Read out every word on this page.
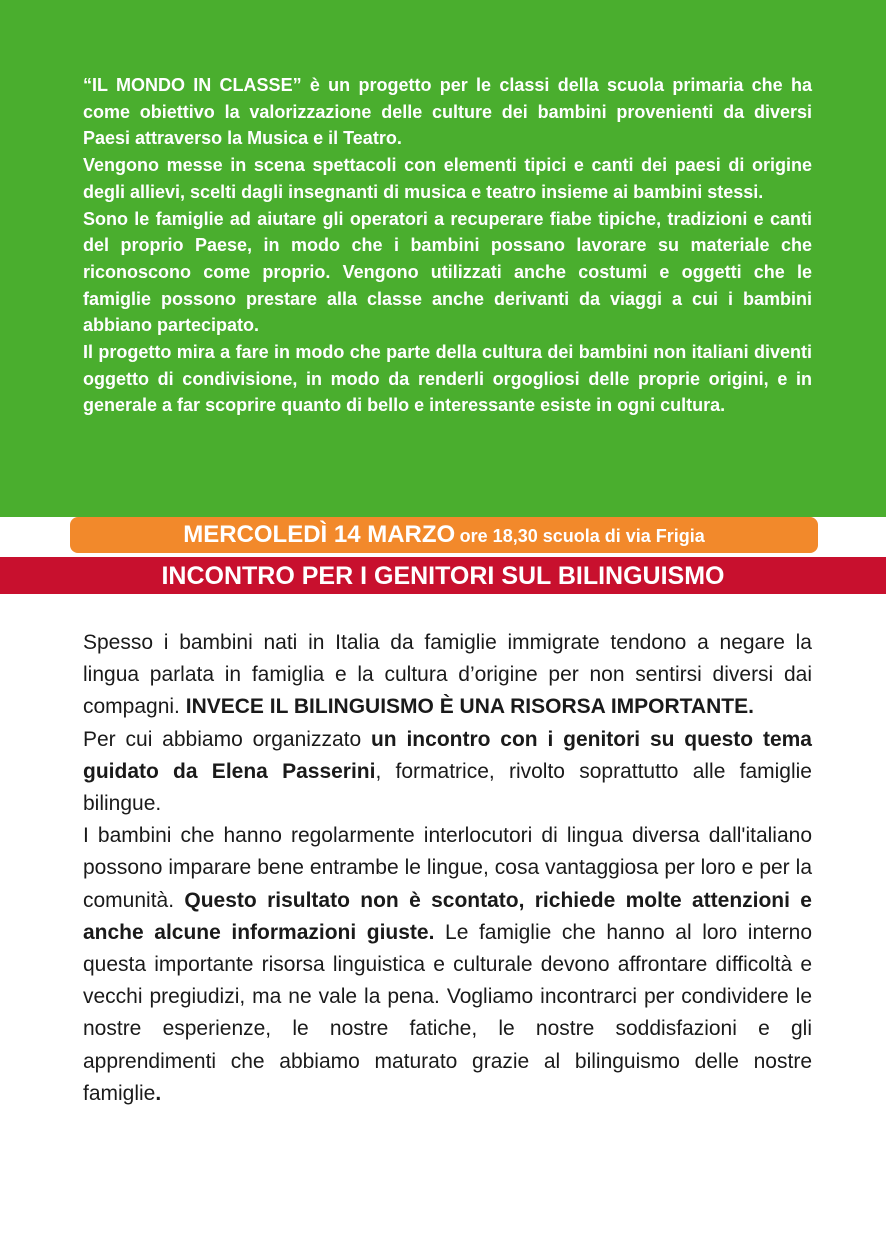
“IL MONDO IN CLASSE” è un progetto per le classi della scuola primaria che ha come obiettivo la valorizzazione delle culture dei bambini provenienti da diversi Paesi attraverso la Musica e il Teatro.

Vengono messe in scena spettacoli con elementi tipici e canti dei paesi di origine degli allievi, scelti dagli insegnanti di musica e teatro insieme ai bambini stessi.

Sono le famiglie ad aiutare gli operatori a recuperare fiabe tipiche, tradizioni e canti del proprio Paese, in modo che i bambini possano lavorare su materiale che riconoscono come proprio. Vengono utilizzati anche costumi e oggetti che le famiglie possono prestare alla classe anche derivanti da viaggi a cui i bambini abbiano partecipato.

Il progetto mira a fare in modo che parte della cultura dei bambini non italiani diventi oggetto di condivisione, in modo da renderli orgogliosi delle proprie origini, e in generale a far scoprire quanto di bello e interessante esiste in ogni cultura.

MERCOLEDÌ 14 MARZO ore 18,30 scuola di via Frigia
INCONTRO PER I GENITORI SUL BILINGUISMO

Spesso i bambini nati in Italia da famiglie immigrate tendono a negare la lingua parlata in famiglia e la cultura d’origine per non sentirsi diversi dai compagni. INVECE IL BILINGUISMO È UNA RISORSA IMPORTANTE.

Per cui abbiamo organizzato un incontro con i genitori su questo tema guidato da Elena Passerini, formatrice, rivolto soprattutto alle famiglie bilingue.

I bambini che hanno regolarmente interlocutori di lingua diversa dall'italiano possono imparare bene entrambe le lingue, cosa vantaggiosa per loro e per la comunità. Questo risultato non è scontato, richiede molte attenzioni e anche alcune informazioni giuste. Le famiglie che hanno al loro interno questa importante risorsa linguistica e culturale devono affrontare difficoltà e vecchi pregiudizi, ma ne vale la pena. Vogliamo incontrarci per condividere le nostre esperienze, le nostre fatiche, le nostre soddisfazioni e gli apprendimenti che abbiamo maturato grazie al bilinguismo delle nostre famiglie.
